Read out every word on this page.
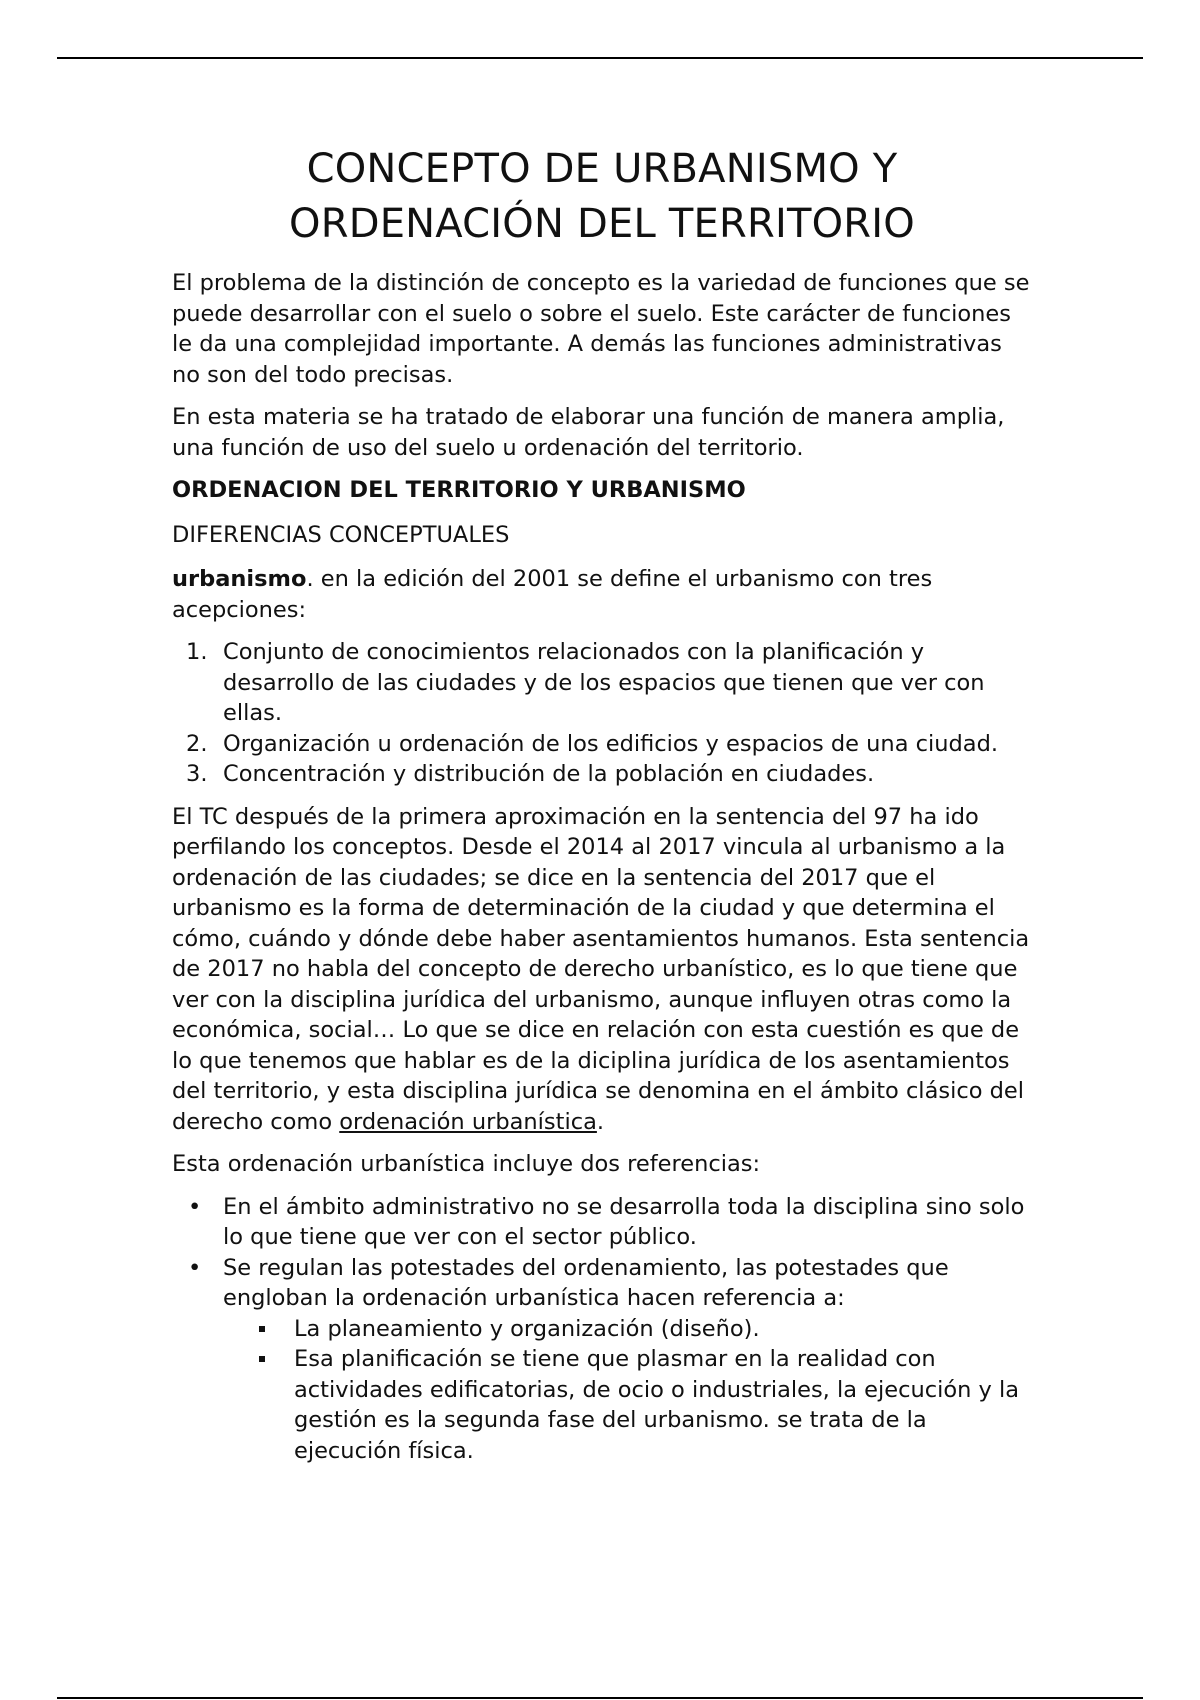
CONCEPTO DE URBANISMO Y
ORDENACIÓN DEL TERRITORIO

El problema de la distinción de concepto es la variedad de funciones que se puede desarrollar con el suelo o sobre el suelo. Este carácter de funciones le da una complejidad importante. A demás las funciones administrativas no son del todo precisas.

En esta materia se ha tratado de elaborar una función de manera amplia, una función de uso del suelo u ordenación del territorio.

ORDENACION DEL TERRITORIO Y URBANISMO

DIFERENCIAS CONCEPTUALES

urbanismo. en la edición del 2001 se define el urbanismo con tres acepciones:

1. Conjunto de conocimientos relacionados con la planificación y desarrollo de las ciudades y de los espacios que tienen que ver con ellas.
2. Organización u ordenación de los edificios y espacios de una ciudad.
3. Concentración y distribución de la población en ciudades.

El TC después de la primera aproximación en la sentencia del 97 ha ido perfilando los conceptos. Desde el 2014 al 2017 vincula al urbanismo a la ordenación de las ciudades; se dice en la sentencia del 2017 que el urbanismo es la forma de determinación de la ciudad y que determina el cómo, cuándo y dónde debe haber asentamientos humanos. Esta sentencia de 2017 no habla del concepto de derecho urbanístico, es lo que tiene que ver con la disciplina jurídica del urbanismo, aunque influyen otras como la económica, social… Lo que se dice en relación con esta cuestión es que de lo que tenemos que hablar es de la diciplina jurídica de los asentamientos del territorio, y esta disciplina jurídica se denomina en el ámbito clásico del derecho como ordenación urbanística.

Esta ordenación urbanística incluye dos referencias:

• En el ámbito administrativo no se desarrolla toda la disciplina sino solo lo que tiene que ver con el sector público.
• Se regulan las potestades del ordenamiento, las potestades que engloban la ordenación urbanística hacen referencia a:
La planeamiento y organización (diseño).
Esa planificación se tiene que plasmar en la realidad con actividades edificatorias, de ocio o industriales, la ejecución y la gestión es la segunda fase del urbanismo. se trata de la ejecución física.
